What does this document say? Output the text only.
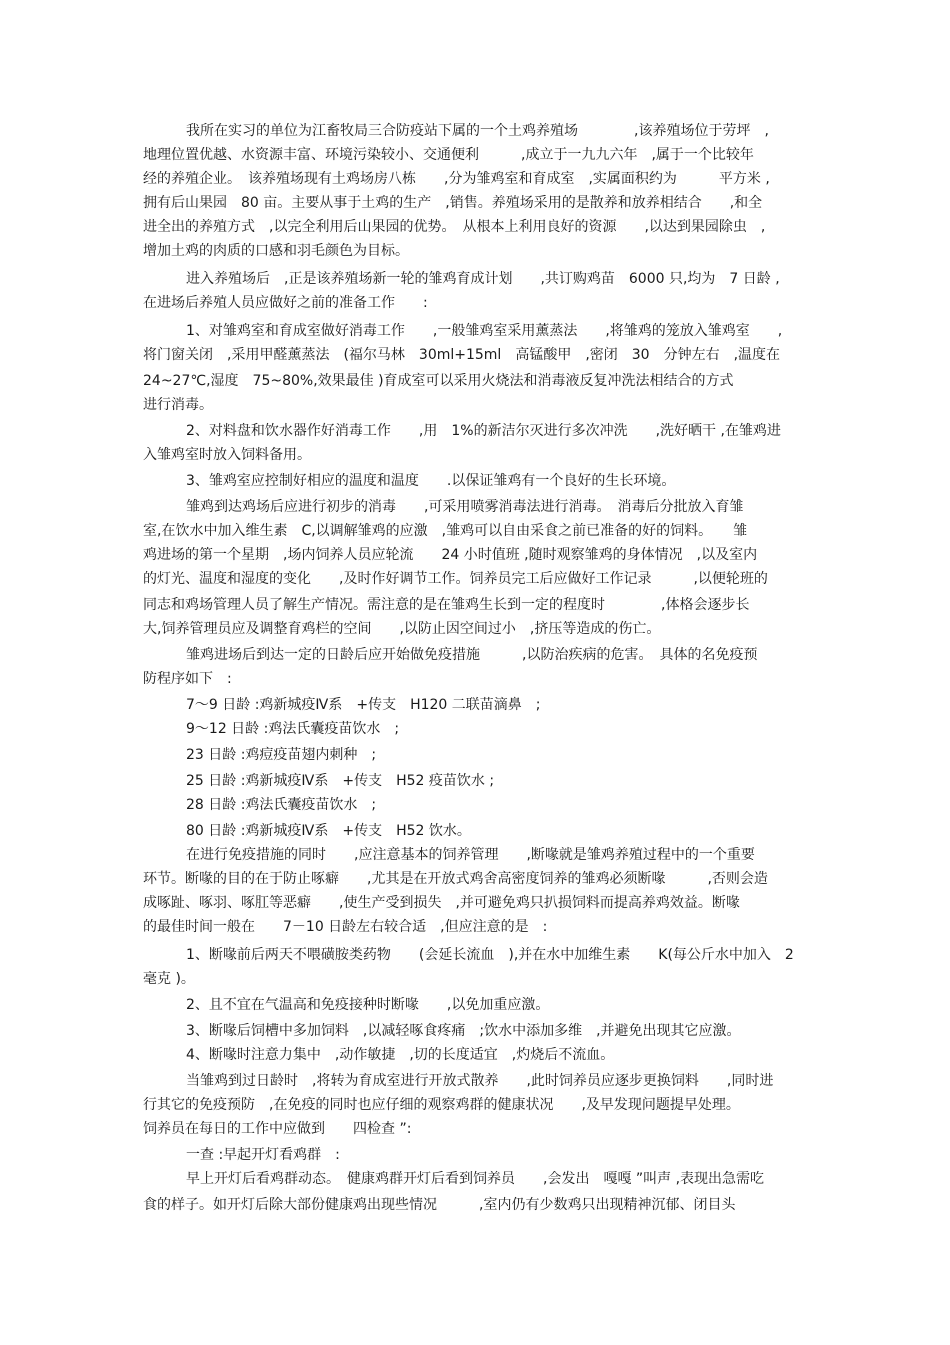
我所在实习的单位为江畜牧局三合防疫站下属的一个土鸡养殖场　　　　,该养殖场位于劳坪　,
地理位置优越、水资源丰富、环境污染较小、交通便利　　　,成立于一九九六年　,属于一个比较年
经的养殖企业。　该养殖场现有土鸡场房八栋　　,分为雏鸡室和育成室　,实属面积约为　　　平方米 ,
拥有后山果园　80 亩。主要从事于土鸡的生产　,销售。养殖场采用的是散养和放养相结合　　,和全
进全出的养殖方式　,以完全利用后山果园的优势。　从根本上利用良好的资源　　,以达到果园除虫　,
增加土鸡的肉质的口感和羽毛颜色为目标。
进入养殖场后　,正是该养殖场新一轮的雏鸡育成计划　　,共订购鸡苗　6000 只,均为　7 日龄 ,
在进场后养殖人员应做好之前的准备工作　　:
1、对雏鸡室和育成室做好消毒工作　　,一般雏鸡室采用薰蒸法　　,将雏鸡的笼放入雏鸡室　　,
将门窗关闭　,采用甲醛薰蒸法　(福尔马林　30ml+15ml　高锰酸甲　,密闭　30　分钟左右　,温度在
24~27℃,湿度　75~80%,效果最佳 )育成室可以采用火烧法和消毒液反复冲洗法相结合的方式
进行消毒。
2、对料盘和饮水器作好消毒工作　　,用　1%的新洁尔灭进行多次冲洗　　,洗好晒干 ,在雏鸡进
入雏鸡室时放入饲料备用。
3、雏鸡室应控制好相应的温度和温度　　.以保证雏鸡有一个良好的生长环境。
雏鸡到达鸡场后应进行初步的消毒　　,可采用喷雾消毒法进行消毒。　消毒后分批放入育雏
室,在饮水中加入维生素　C,以调解雏鸡的应激　,雏鸡可以自由采食之前已准备的好的饲料。　　雏
鸡进场的第一个星期　,场内饲养人员应轮流　　24 小时值班 ,随时观察雏鸡的身体情况　,以及室内
的灯光、温度和湿度的变化　　,及时作好调节工作。饲养员完工后应做好工作记录　　　,以便轮班的
同志和鸡场管理人员了解生产情况。需注意的是在雏鸡生长到一定的程度时　　　　,体格会逐步长
大,饲养管理员应及调整育鸡栏的空间　　,以防止因空间过小　,挤压等造成的伤亡。
雏鸡进场后到达一定的日龄后应开始做免疫措施　　　,以防治疾病的危害。　具体的名免疫预
防程序如下　:
7～9 日龄 :鸡新城疫Ⅳ系　+传支　H120 二联苗滴鼻　;
9～12 日龄 :鸡法氏囊疫苗饮水　;
23 日龄 :鸡痘疫苗翅内刺种　;
25 日龄 :鸡新城疫Ⅳ系　+传支　H52 疫苗饮水 ;
28 日龄 :鸡法氏囊疫苗饮水　;
80 日龄 :鸡新城疫Ⅳ系　+传支　H52 饮水。
在进行免疫措施的同时　　,应注意基本的饲养管理　　,断喙就是雏鸡养殖过程中的一个重要
环节。断喙的目的在于防止啄癖　　,尤其是在开放式鸡舍高密度饲养的雏鸡必须断喙　　　,否则会造
成啄趾、啄羽、啄肛等恶癖　　,使生产受到损失　,并可避免鸡只扒损饲料而提高养鸡效益。断喙
的最佳时间一般在　　7－10 日龄左右较合适　,但应注意的是　:
1、断喙前后两天不喂磺胺类药物　　(会延长流血　),并在水中加维生素　　K(每公斤水中加入　2
毫克 )。
2、且不宜在气温高和免疫接种时断喙　　,以免加重应激。
3、断喙后饲槽中多加饲料　,以减轻啄食疼痛　;饮水中添加多维　,并避免出现其它应激。
4、断喙时注意力集中　,动作敏捷　,切的长度适宜　,灼烧后不流血。
当雏鸡到过日龄时　,将转为育成室进行开放式散养　　,此时饲养员应逐步更换饲料　　,同时进
行其它的免疫预防　,在免疫的同时也应仔细的观察鸡群的健康状况　　,及早发现问题提早处理。
饲养员在每日的工作中应做到　　四检查 ”:
一查 :早起开灯看鸡群　:
早上开灯后看鸡群动态。　健康鸡群开灯后看到饲养员　　,会发出　嘎嘎 ”叫声 ,表现出急需吃
食的样子。如开灯后除大部份健康鸡出现些情况　　　,室内仍有少数鸡只出现精神沉郁、闭目头
